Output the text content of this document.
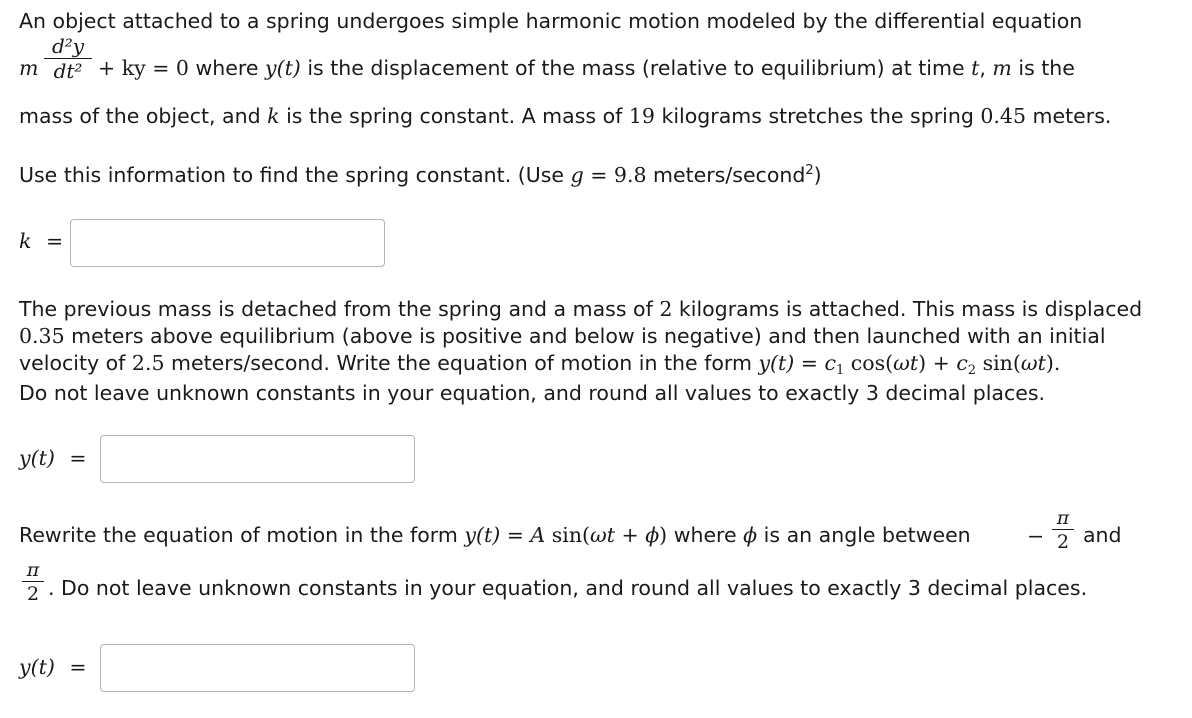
An object attached to a spring undergoes simple harmonic motion modeled by the differential equation
m
d²y
dt² + ky = 0 where y(t) is the displacement of the mass (relative to equilibrium) at time t, m is the
mass of the object, and k is the spring constant. A mass of 19 kilograms stretches the spring 0.45 meters.
Use this information to find the spring constant. (Use g = 9.8 meters/second$^2$)
k =
The previous mass is detached from the spring and a mass of 2 kilograms is attached. This mass is displaced
0.35 meters above equilibrium (above is positive and below is negative) and then launched with an initial
velocity of 2.5 meters/second. Write the equation of motion in the form $y(t) = c_1$ $\cos(\omega t) + c_2$ sin(ωt).
Do not leave unknown constants in your equation, and round all values to exactly 3 decimal places.
y(t) =
Rewrite the equation of motion in the form y(t) = A sin(ωt + ϕ) where ϕ is an angle between	−
π
2 and
π
2 . Do not leave unknown constants in your equation, and round all values to exactly 3 decimal places.
y(t) =
